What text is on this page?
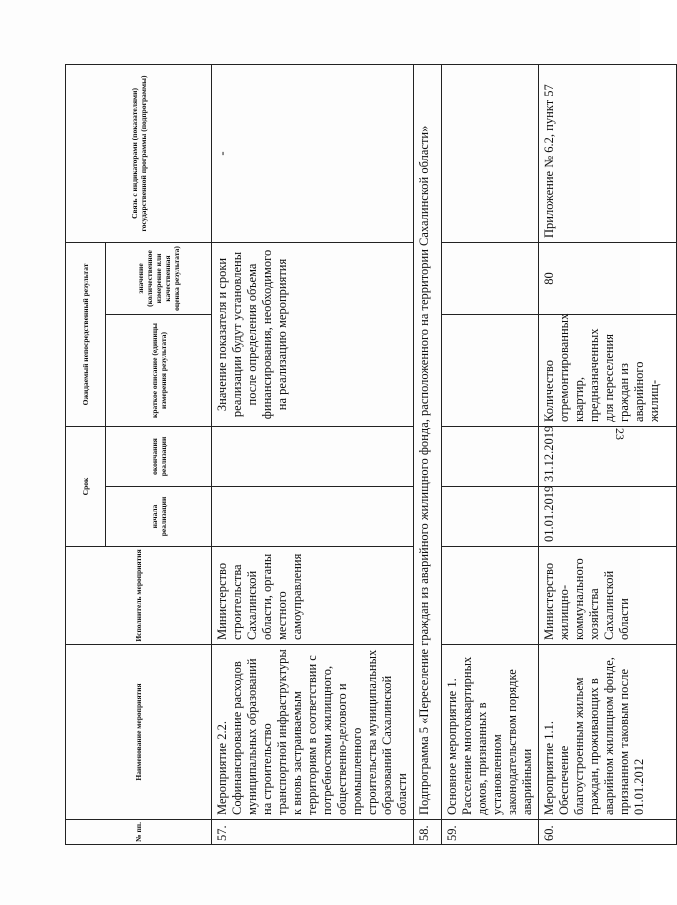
23
№ пп.	Наименование мероприятия	Исполнитель мероприятия	Срок		Ожидаемый непосредственный результат		Связь с индикаторами (показателями) государственной программы (подпрограммы)
			начала реализации	окончания реализации	краткое описание (единицы измерения результата)	значение (количественное измерение или качественная оценка результата)	

57.	Мероприятие 2.2. Софинансирование расходов муниципальных образований на строительство транспортной инфраструктуры к вновь застраиваемым территориям в соответствии с потребностями жилищного, общественно-делового и промышленного строительства муниципальных образований Сахалинской области	Министерство строительства Сахалинской области, органы местного самоуправления			Значение показателя и сроки реализации будут установлены после определения объема финансирования, необходимого на реализацию мероприятия		-
58.	Подпрограмма 5 «Переселение граждан из аварийного жилищного фонда, расположенного на территории Сахалинской области»						
59.	Основное мероприятие 1. Расселение многоквартирных домов, признанных в установленном законодательством порядке аварийными						
60.	Мероприятие 1.1. Обеспечение благоустроенным жильем граждан, проживающих в аварийном жилищном фонде, признанном таковым после 01.01.2012	Министерство жилищно-коммунального хозяйства Сахалинской области	01.01.2019	31.12.2019	Количество отремонтированных квартир, предназначенных для переселения граждан из аварийного жилищ-	80	Приложение № 6.2, пункт 57
